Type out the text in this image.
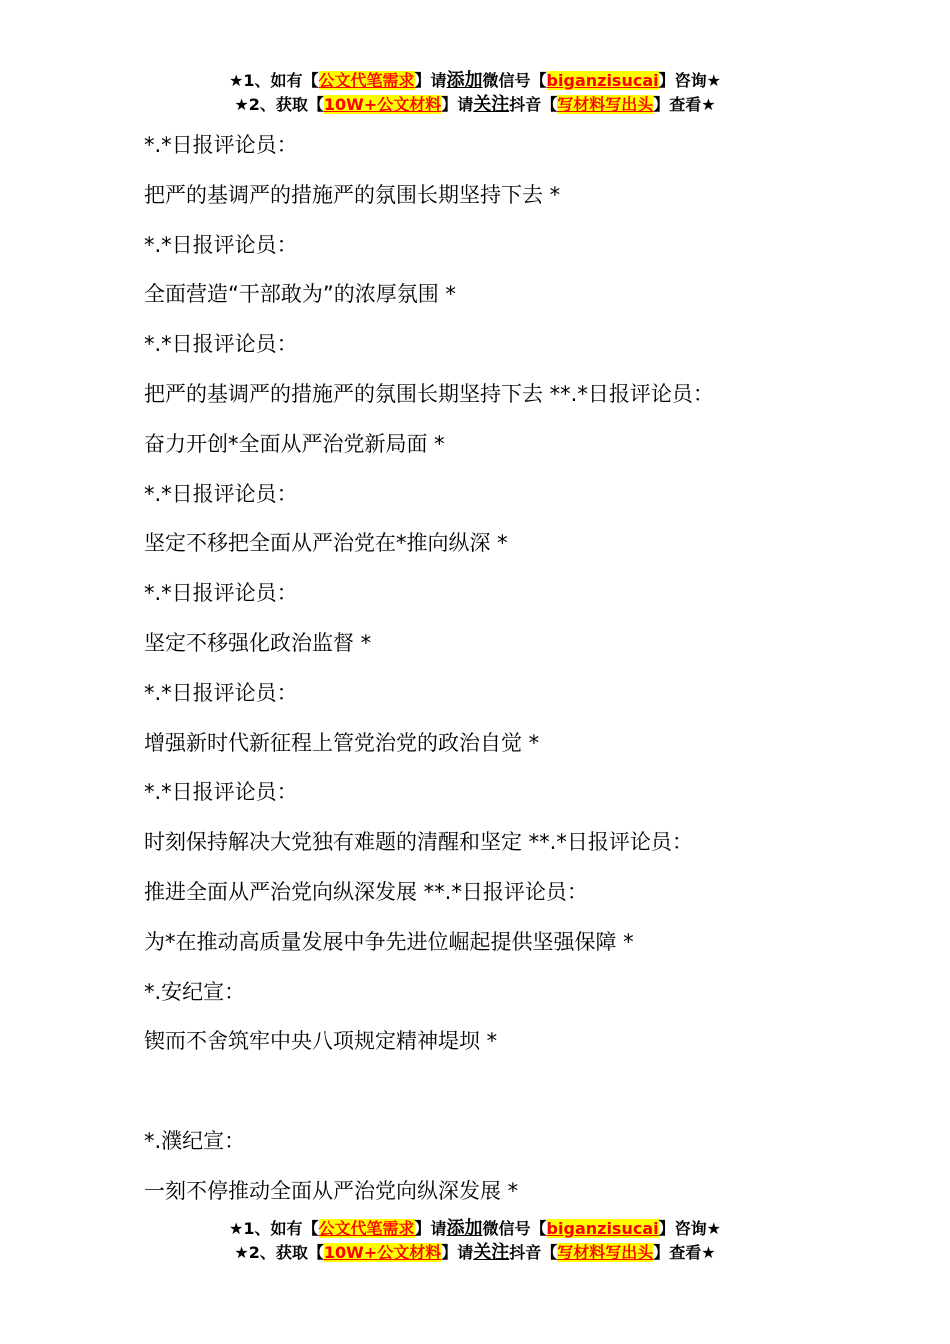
★1、如有【公文代笔需求】请添加微信号【biganzisucai】咨询★
★2、获取【10W+公文材料】请关注抖音【写材料写出头】查看★
*.*日报评论员：
把严的基调严的措施严的氛围长期坚持下去 *
*.*日报评论员：
全面营造“干部敢为”的浓厚氛围 *
*.*日报评论员：
把严的基调严的措施严的氛围长期坚持下去 **.*日报评论员：
奋力开创*全面从严治党新局面 *
*.*日报评论员：
坚定不移把全面从严治党在*推向纵深 *
*.*日报评论员：
坚定不移强化政治监督 *
*.*日报评论员：
增强新时代新征程上管党治党的政治自觉 *
*.*日报评论员：
时刻保持解决大党独有难题的清醒和坚定 **.*日报评论员：
推进全面从严治党向纵深发展 **.*日报评论员：
为*在推动高质量发展中争先进位崛起提供坚强保障 *
*.安纪宣：
锲而不舍筑牢中央八项规定精神堤坝 *
*.濮纪宣：
一刻不停推动全面从严治党向纵深发展 *
★1、如有【公文代笔需求】请添加微信号【biganzisucai】咨询★
★2、获取【10W+公文材料】请关注抖音【写材料写出头】查看★
